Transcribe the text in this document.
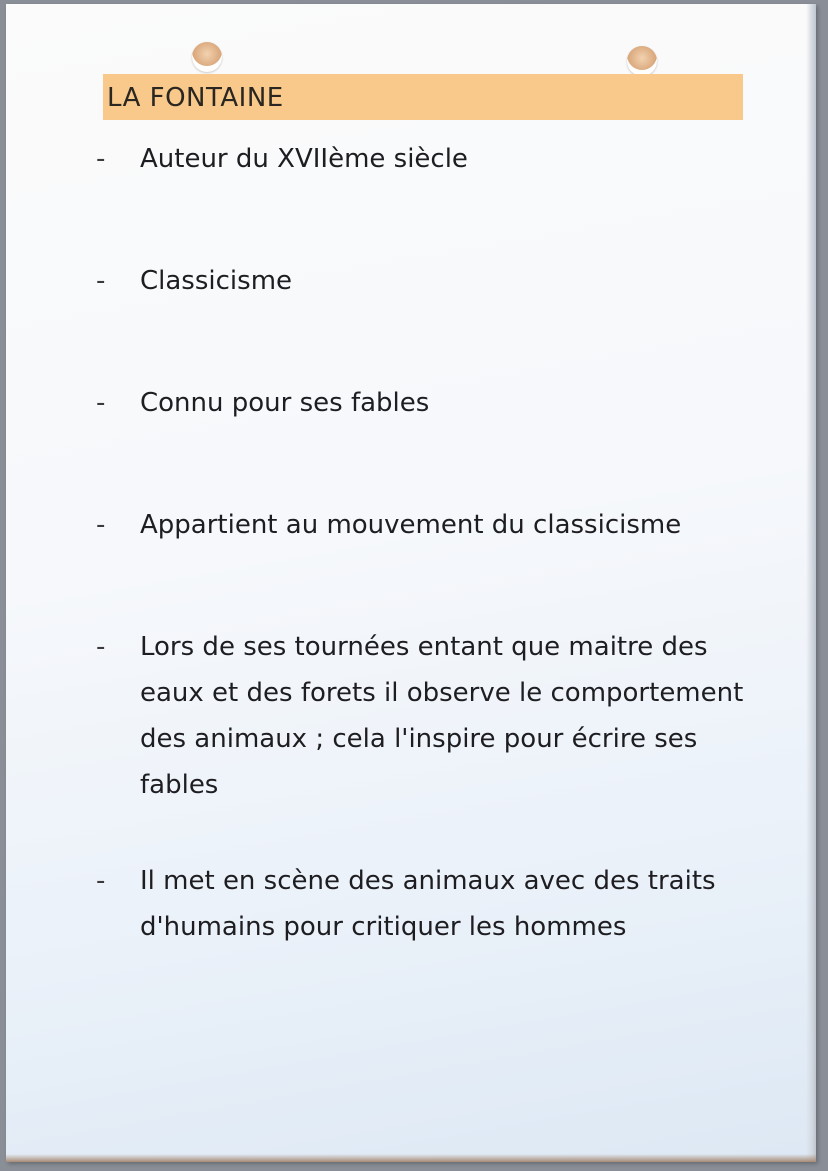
LA FONTAINE
-	Auteur du XVIIème siècle
-	Classicisme
-	Connu pour ses fables
-	Appartient au mouvement du classicisme
-	Lors de ses tournées entant que maitre des eaux et des forets il observe le comportement des animaux ; cela l'inspire pour écrire ses fables
-	Il met en scène des animaux avec des traits d'humains pour critiquer les hommes
